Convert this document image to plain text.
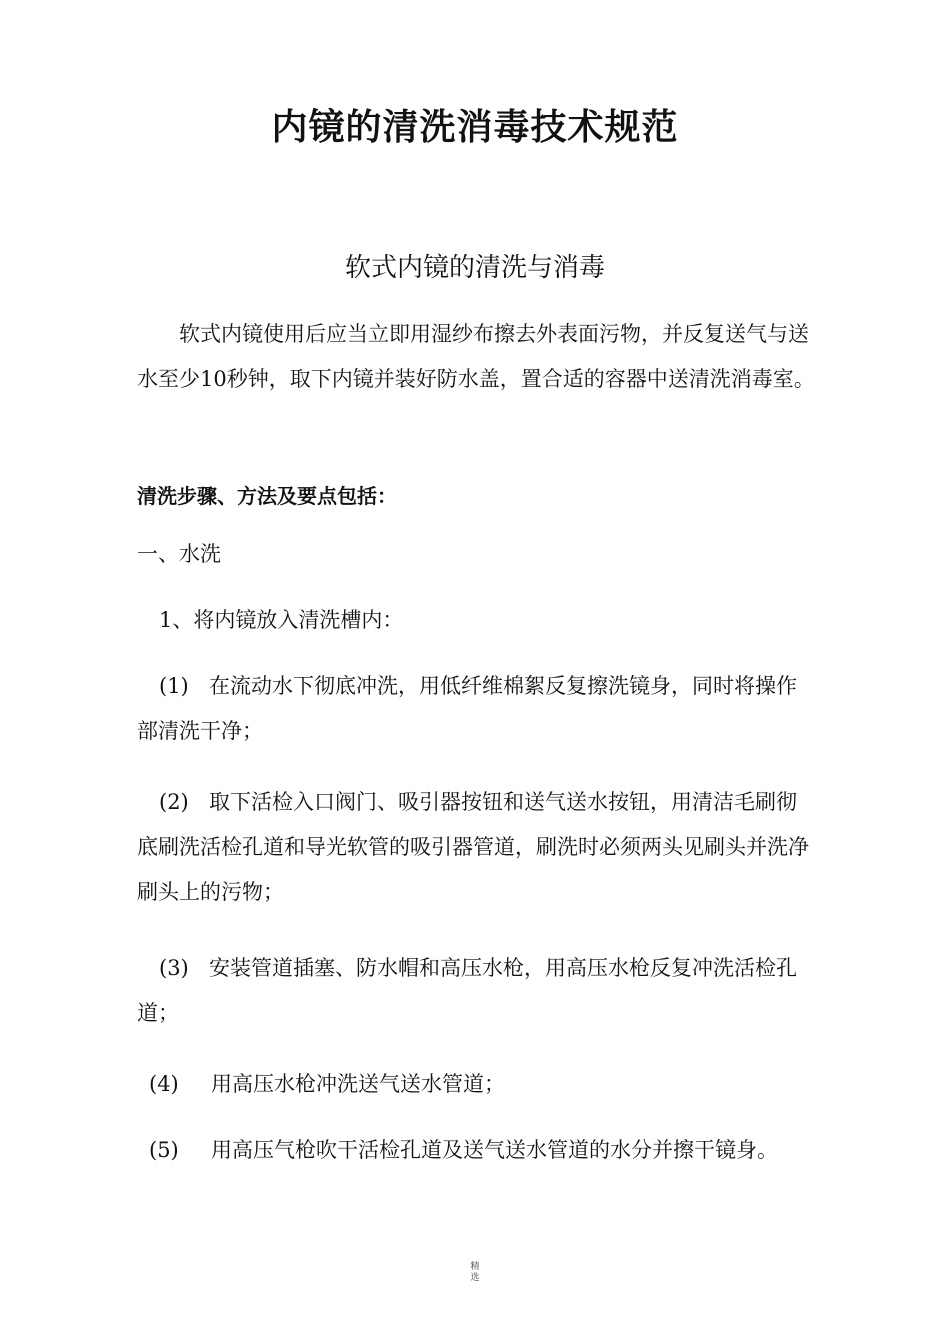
内镜的清洗消毒技术规范
软式内镜的清洗与消毒

软式内镜使用后应当立即用湿纱布擦去外表面污物，并反复送气与送水至少10秒钟，取下内镜并装好防水盖，置合适的容器中送清洗消毒室。

清洗步骤、方法及要点包括：

一、水洗

1、将内镜放入清洗槽内：

(1) 在流动水下彻底冲洗，用低纤维棉絮反复擦洗镜身，同时将操作部清洗干净；

(2) 取下活检入口阀门、吸引器按钮和送气送水按钮，用清洁毛刷彻底刷洗活检孔道和导光软管的吸引器管道，刷洗时必须两头见刷头并洗净刷头上的污物；

(3) 安装管道插塞、防水帽和高压水枪，用高压水枪反复冲洗活检孔道；

(4) 用高压水枪冲洗送气送水管道；

(5) 用高压气枪吹干活检孔道及送气送水管道的水分并擦干镜身。

精
选
